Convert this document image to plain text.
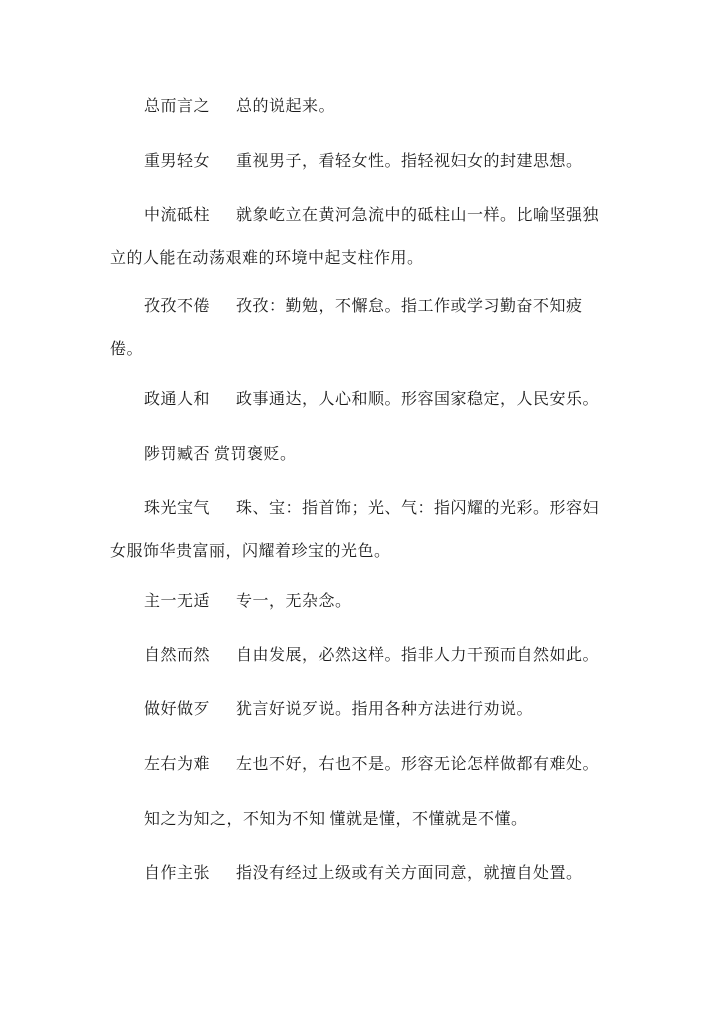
总而言之 总的说起来。

重男轻女 重视男子，看轻女性。指轻视妇女的封建思想。

中流砥柱 就象屹立在黄河急流中的砥柱山一样。比喻坚强独立的人能在动荡艰难的环境中起支柱作用。

孜孜不倦 孜孜：勤勉，不懈怠。指工作或学习勤奋不知疲倦。

政通人和 政事通达，人心和顺。形容国家稳定，人民安乐。

陟罚臧否 赏罚褒贬。

珠光宝气 珠、宝：指首饰；光、气：指闪耀的光彩。形容妇女服饰华贵富丽，闪耀着珍宝的光色。

主一无适 专一，无杂念。

自然而然 自由发展，必然这样。指非人力干预而自然如此。

做好做歹 犹言好说歹说。指用各种方法进行劝说。

左右为难 左也不好，右也不是。形容无论怎样做都有难处。

知之为知之，不知为不知 懂就是懂，不懂就是不懂。

自作主张 指没有经过上级或有关方面同意，就擅自处置。
